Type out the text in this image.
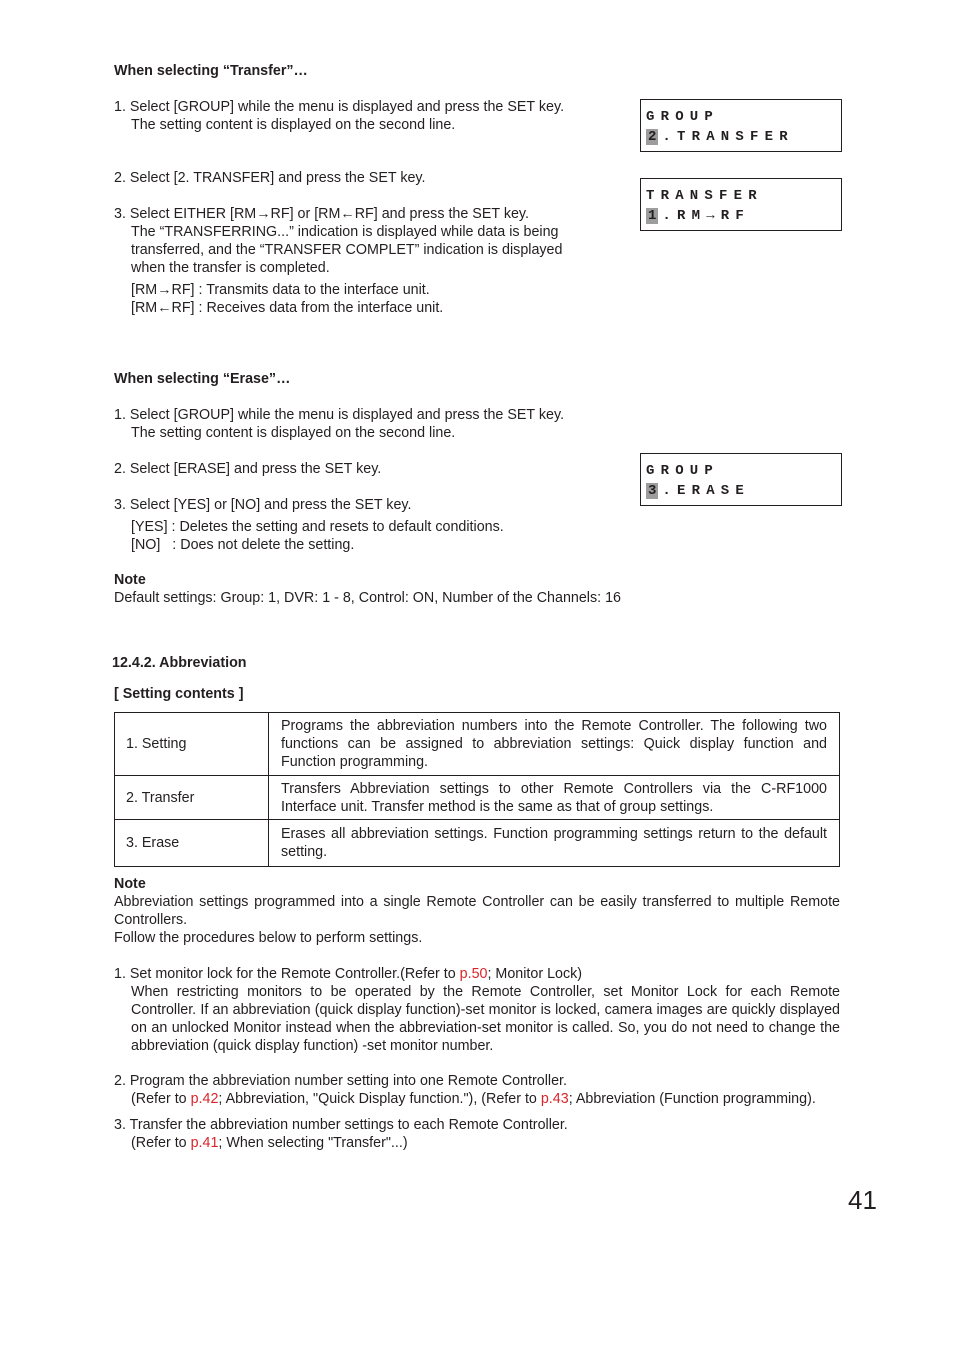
When selecting “Transfer”…
1. Select [GROUP] while the menu is displayed and press the SET key.
The setting content is displayed on the second line.
2. Select [2. TRANSFER] and press the SET key.
3. Select EITHER [RM→RF] or [RM←RF] and press the SET key.
The “TRANSFERRING...” indication is displayed while data is being
transferred, and the “TRANSFER COMPLET” indication is displayed
when the transfer is completed.
[RM→RF] : Transmits data to the interface unit.
[RM←RF] : Receives data from the interface unit.
GROUP
2 .TRANSFER
TRANSFER
1 .RM→RF
GROUP
3 .ERASE
When selecting “Erase”…
1. Select [GROUP] while the menu is displayed and press the SET key.
The setting content is displayed on the second line.
2. Select [ERASE] and press the SET key.
3. Select [YES] or [NO] and press the SET key.
[YES] : Deletes the setting and resets to default conditions.
[NO]   : Does not delete the setting.
Note
Default settings: Group: 1, DVR: 1 - 8, Control: ON, Number of the Channels: 16
12.4.2. Abbreviation
[ Setting contents ]
1. Setting	Programs the abbreviation numbers into the Remote Controller. The following two functions can be assigned to abbreviation settings: Quick display function and Function programming.
2. Transfer	Transfers Abbreviation settings to other Remote Controllers via the C-RF1000 Interface unit. Transfer method is the same as that of group settings.
3. Erase	Erases all abbreviation settings. Function programming settings return to the default setting.
Note
Abbreviation settings programmed into a single Remote Controller can be easily transferred to multiple Remote Controllers.
Follow the procedures below to perform settings.
1. Set monitor lock for the Remote Controller.(Refer to p.50; Monitor Lock)
When restricting monitors to be operated by the Remote Controller, set Monitor Lock for each Remote Controller. If an abbreviation (quick display function)-set monitor is locked, camera images are quickly displayed on an unlocked Monitor instead when the abbreviation-set monitor is called. So, you do not need to change the abbreviation (quick display function) -set monitor number.
2. Program the abbreviation number setting into one Remote Controller.
(Refer to p.42; Abbreviation, "Quick Display function."), (Refer to p.43; Abbreviation (Function programming).
3. Transfer the abbreviation number settings to each Remote Controller.
(Refer to p.41; When selecting "Transfer"...)
41
